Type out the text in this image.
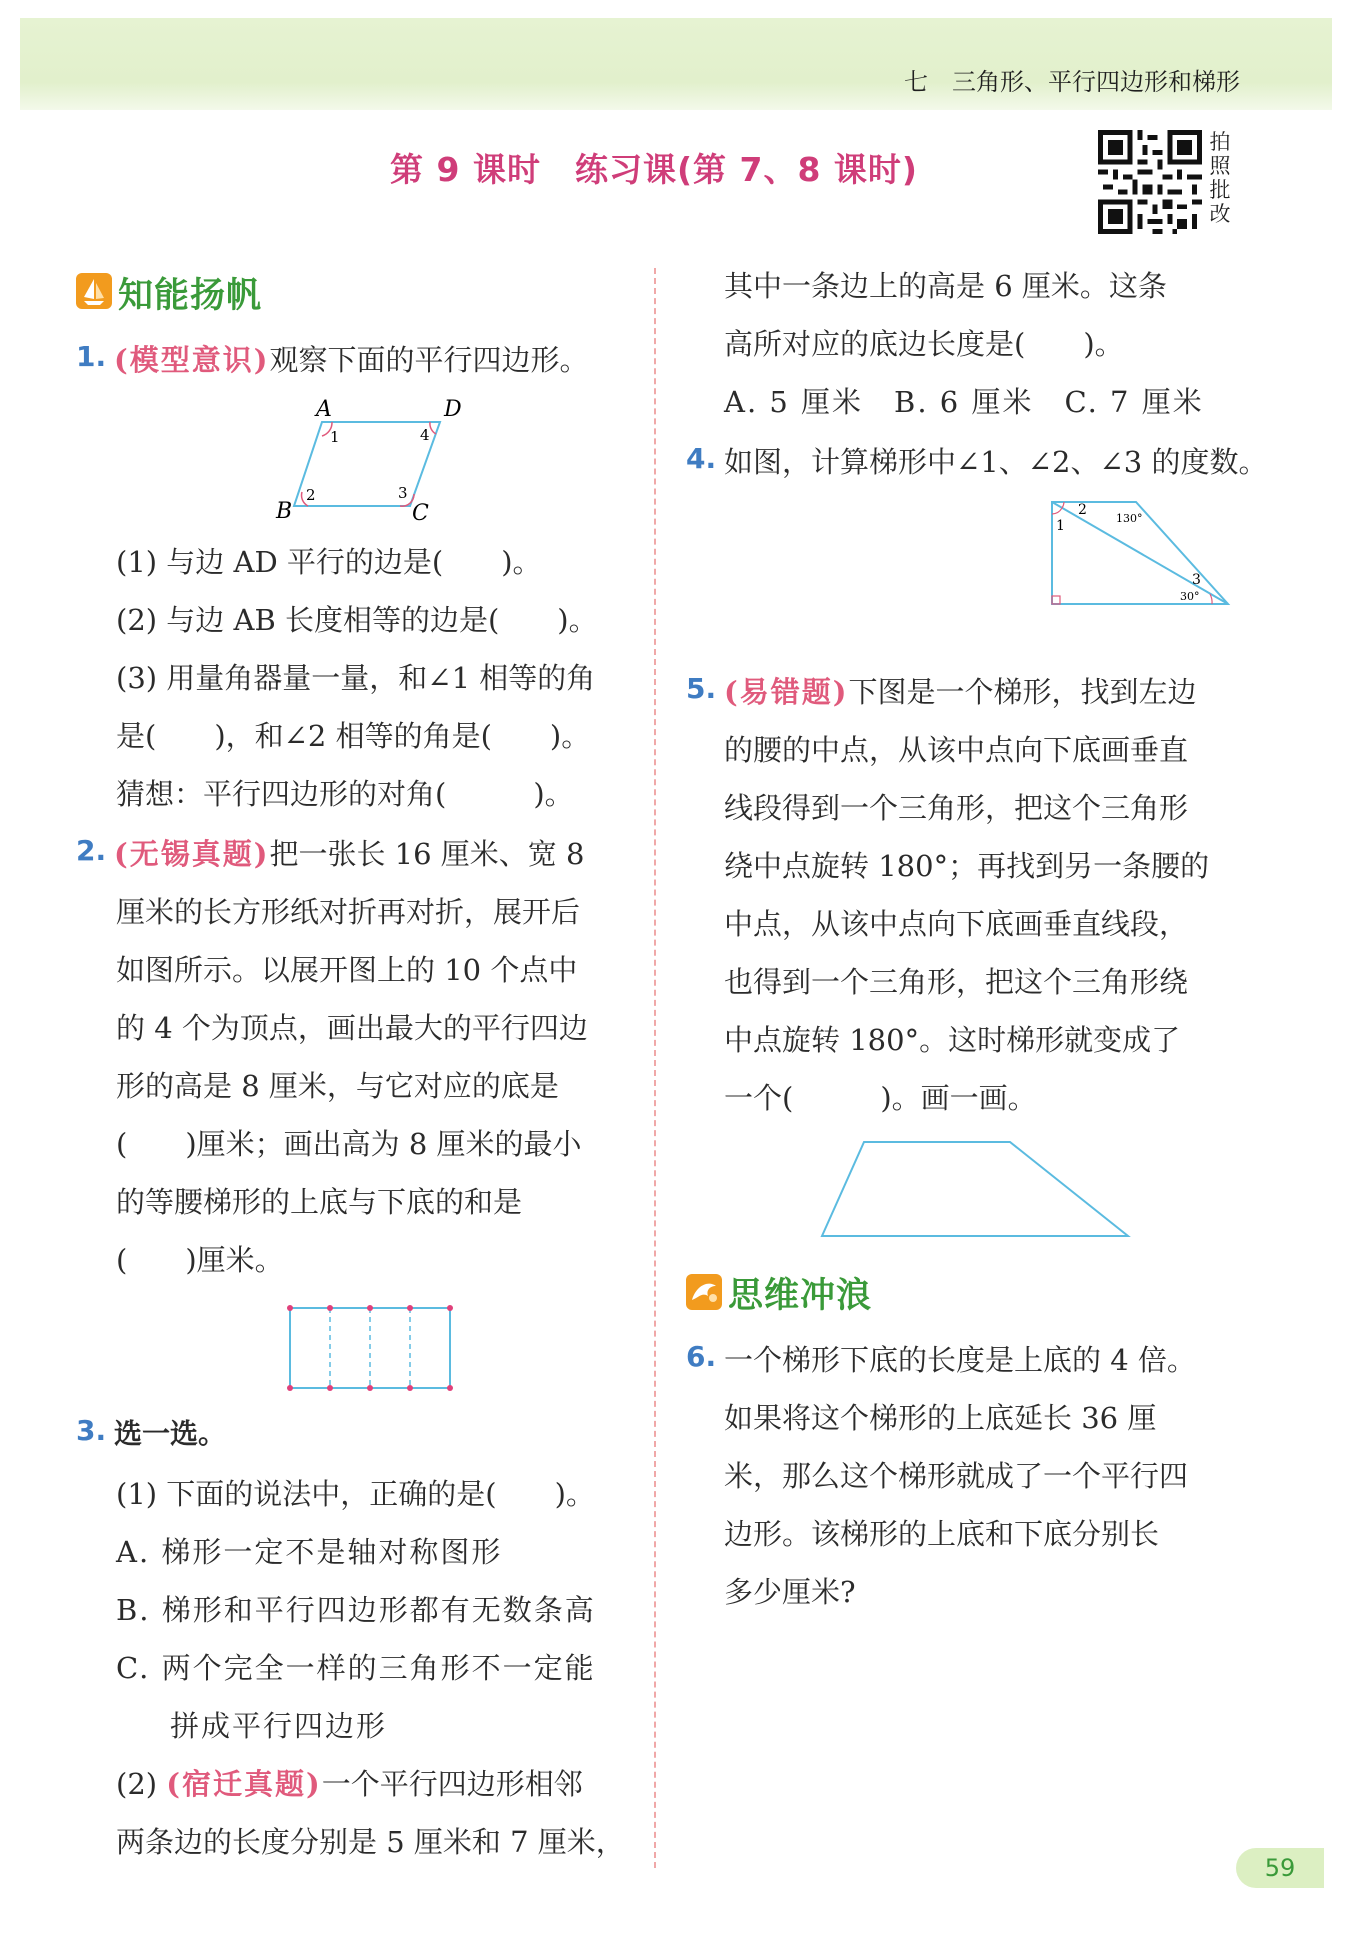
七　三角形、平行四边形和梯形
第 9 课时　练习课(第 7、8 课时)
拍
照
批
改
知能扬帆
1. (模型意识)观察下面的平行四边形。
A	D
B	C
1	4
2	3
(1) 与边 AD 平行的边是(　　)。
(2) 与边 AB 长度相等的边是(　　)。
(3) 用量角器量一量，和∠1 相等的角
是(　　)，和∠2 相等的角是(　　)。
猜想：平行四边形的对角(　　　)。
2. (无锡真题)把一张长 16 厘米、宽 8
厘米的长方形纸对折再对折，展开后
如图所示。以展开图上的 10 个点中
的 4 个为顶点，画出最大的平行四边
形的高是 8 厘米，与它对应的底是
(　　)厘米；画出高为 8 厘米的最小
的等腰梯形的上底与下底的和是
(　　)厘米。
3. 选一选。
(1) 下面的说法中，正确的是(　　)。
A. 梯形一定不是轴对称图形
B. 梯形和平行四边形都有无数条高
C. 两个完全一样的三角形不一定能
拼成平行四边形
(2) (宿迁真题)一个平行四边形相邻
两条边的长度分别是 5 厘米和 7 厘米，
其中一条边上的高是 6 厘米。这条
高所对应的底边长度是(　　)。
A. 5 厘米　B. 6 厘米　C. 7 厘米
4. 如图，计算梯形中∠1、∠2、∠3 的度数。
1
2
3
130°
30°
5. (易错题)下图是一个梯形，找到左边
的腰的中点，从该中点向下底画垂直
线段得到一个三角形，把这个三角形
绕中点旋转 180°；再找到另一条腰的
中点，从该中点向下底画垂直线段，
也得到一个三角形，把这个三角形绕
中点旋转 180°。这时梯形就变成了
一个(　　　)。画一画。
思维冲浪
6. 一个梯形下底的长度是上底的 4 倍。
如果将这个梯形的上底延长 36 厘
米，那么这个梯形就成了一个平行四
边形。该梯形的上底和下底分别长
多少厘米?
59
